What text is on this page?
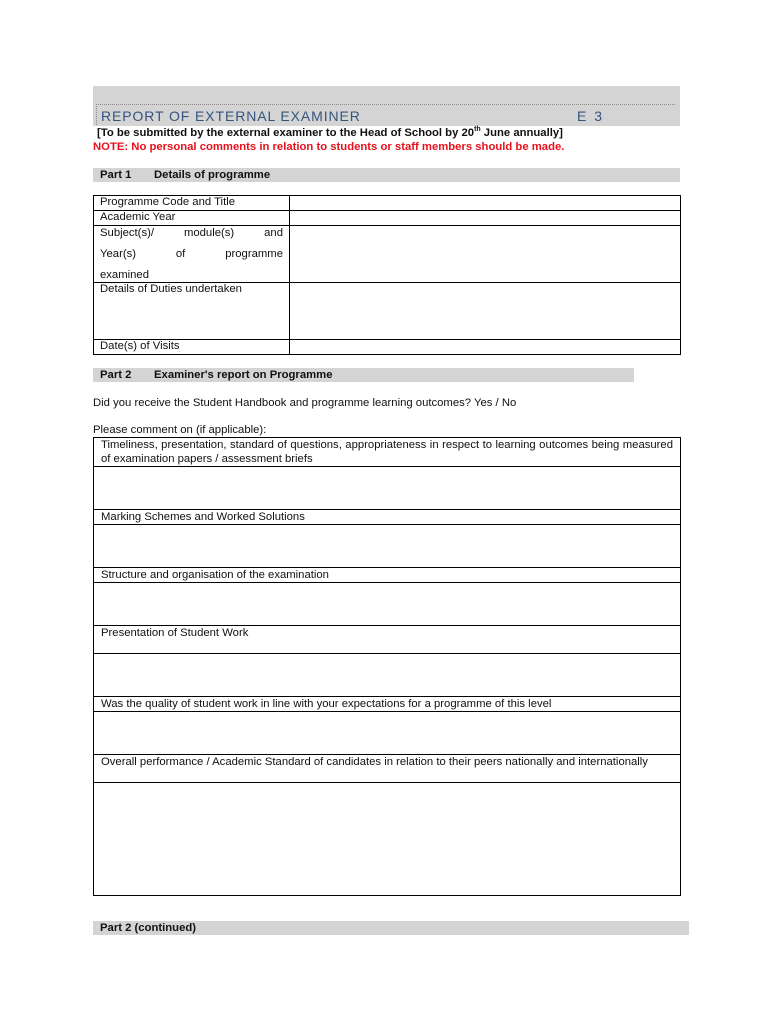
REPORT OF EXTERNAL EXAMINER	E 3
[To be submitted by the external examiner to the Head of School by 20th June annually]
NOTE: No personal comments in relation to students or staff members should be made.
Part 1 Details of programme
Programme Code and Title	
Academic Year	

Subject(s)/ module(s) and
Year(s) of programme
examined	

Details of Duties undertaken	
Date(s) of Visits	
Part 2 Examiner's report on Programme
Did you receive the Student Handbook and programme learning outcomes? Yes / No
Please comment on (if applicable):
Timeliness, presentation, standard of questions, appropriateness in respect to learning outcomes being measured of examination papers / assessment briefs

Marking Schemes and Worked Solutions

Structure and organisation of the examination

Presentation of Student Work

Was the quality of student work in line with your expectations for a programme of this level

Overall performance / Academic Standard of candidates in relation to their peers nationally and internationally

Part 2 (continued)
